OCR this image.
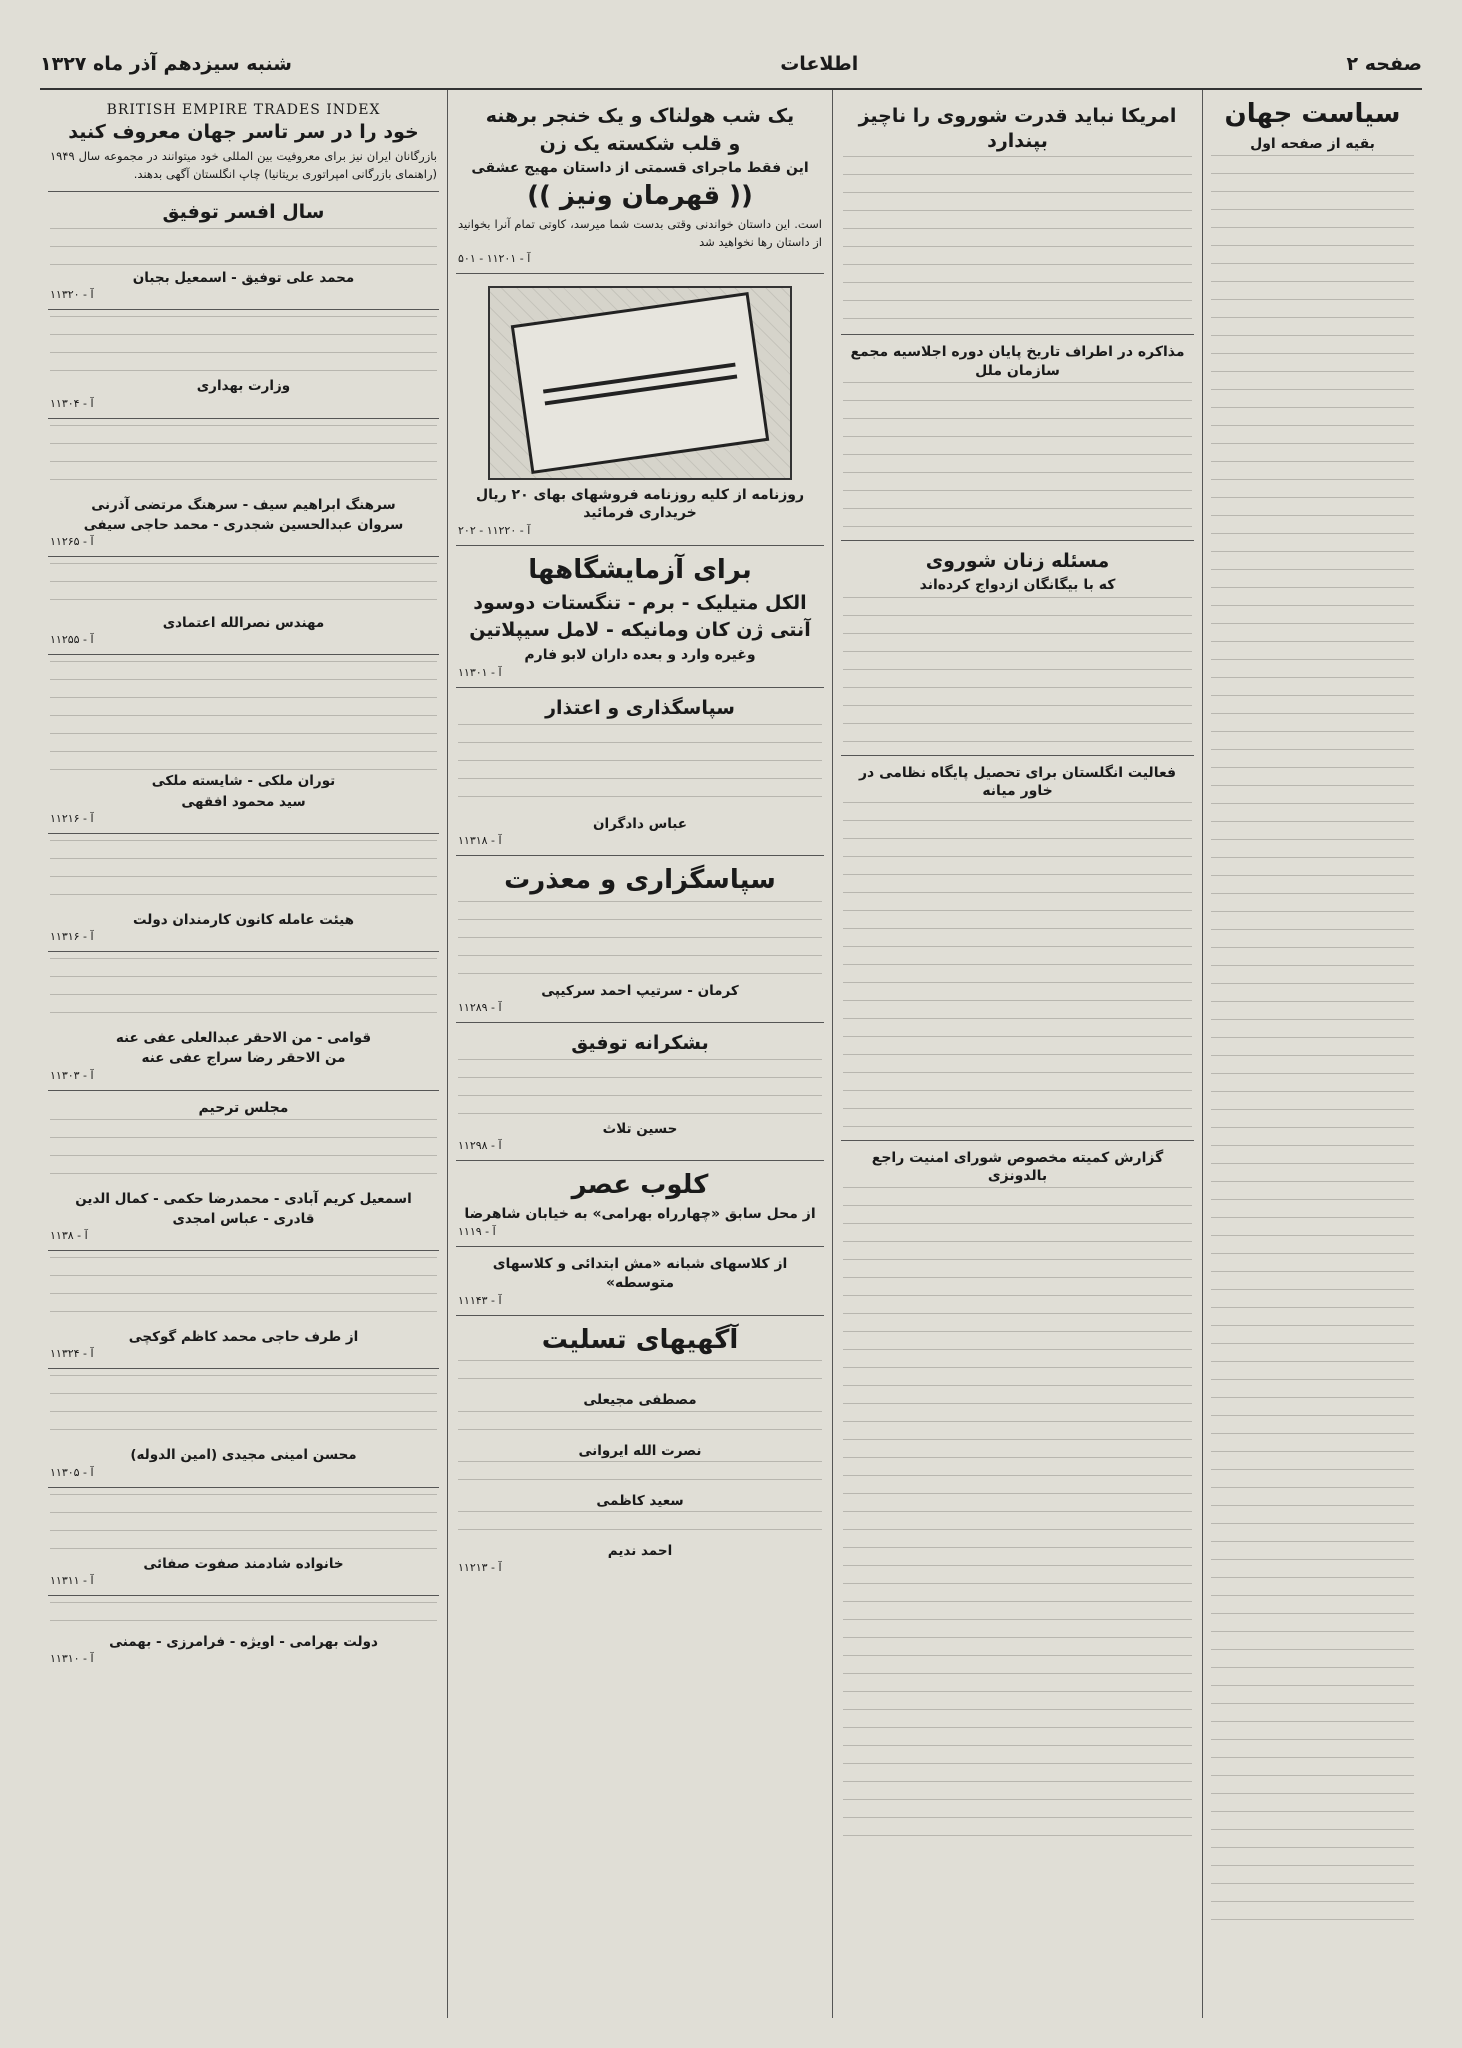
صفحه ۲
اطلاعات
شنبه سیزدهم آذر ماه ۱۳۲۷
سیاست جهان
بقیه از صفحه اول
امریکا نباید قدرت شوروی را ناچیز بپندارد
مذاکره در اطراف تاریخ پایان دوره اجلاسیه مجمع سازمان ملل
مسئله زنان شوروی
که با بیگانگان ازدواج کرده‌اند
فعالیت انگلستان برای تحصیل پایگاه نظامی در خاور میانه
گزارش کمیته مخصوص شورای امنیت راجع بالدونزی
یک شب هولناک و یک خنجر برهنه
و قلب شکسته یک زن
این فقط ماجرای قسمتی از داستان مهیج عشقی
(( قهرمان ونیز ))
است. این داستان خواندنی وقتی بدست شما میرسد، کاوتی تمام آنرا بخوانید از داستان رها نخواهید شد
آ - ۱۱۲۰۱ - ۵۰۱
روزنامه از کلیه روزنامه فروشهای بهای ۲۰ ریال خریداری فرمائید
آ - ۱۱۲۲۰ - ۲۰۲
برای آزمایشگاهها
الکل متیلیک - برم - تنگستات دوسود
آنتی ژن کان ومانیکه - لامل سیپلاتین
وغیره وارد و بعده داران لابو فارم
آ - ۱۱۳۰۱
سپاسگذاری و اعتذار
عباس دادگران
آ - ۱۱۳۱۸
سپاسگزاری و معذرت
کرمان - سرتیپ احمد سرکیپی
آ - ۱۱۲۸۹
بشکرانه توفیق
حسین تلاث
آ - ۱۱۲۹۸
کلوب عصر
از محل سابق «چهارراه بهرامی» به خیابان شاهرضا
آ - ۱۱۱۹
از کلاسهای شبانه «مش ابتدائی و کلاسهای متوسطه»
آ - ۱۱۱۴۳
آگهیهای تسلیت
مصطفی مجیعلی
نصرت الله ایروانی
سعید کاظمی
احمد ندیم
آ - ۱۱۲۱۳
BRITISH EMPIRE TRADES INDEX
خود را در سر تاسر جهان معروف کنید
بازرگانان ایران نیز برای معروفیت بین المللی خود میتوانند در مجموعه سال ۱۹۴۹ (راهنمای بازرگانی امپراتوری بریتانیا) چاپ انگلستان آگهی بدهند.
سال افسر توفیق
محمد علی توفیق - اسمعیل بجبان
آ - ۱۱۳۲۰
وزارت بهداری
آ - ۱۱۳۰۴
سرهنگ ابراهیم سیف - سرهنگ مرتضی آذرنی
سروان عبدالحسین شجدری - محمد حاجی سیفی
آ - ۱۱۲۶۵
مهندس نصرالله اعتمادی
آ - ۱۱۲۵۵
توران ملکی - شایسته ملکی
سید محمود افقهی
آ - ۱۱۲۱۶
هیئت عامله کانون کارمندان دولت
آ - ۱۱۳۱۶
قوامی - من الاحقر عبدالعلی عفی عنه
من الاحقر رضا سراج عفی عنه
آ - ۱۱۳۰۳
مجلس ترحیم
اسمعیل کریم آبادی - محمدرضا حکمی - کمال الدین
قادری - عباس امجدی
آ - ۱۱۳۸
از طرف حاجی محمد کاظم گوکچی
آ - ۱۱۳۲۴
محسن امینی مجیدی (امین الدوله)
آ - ۱۱۳۰۵
خانواده شادمند صفوت صفائی
آ - ۱۱۳۱۱
دولت بهرامی - اویژه - فرامرزی - بهمنی
آ - ۱۱۳۱۰
